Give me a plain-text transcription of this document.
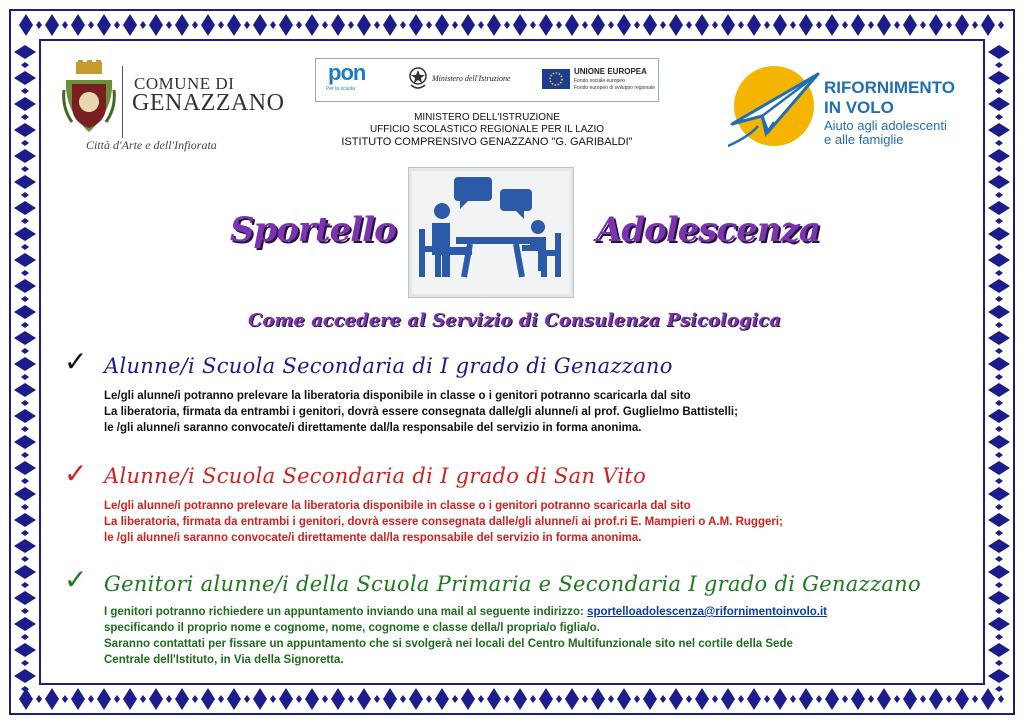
COMUNE DI
GENAZZANO
Città d'Arte e dell'Infiorata
pon
Per la scuola
Ministero dell'Istruzione
UNIONE EUROPEA
Fondo sociale europeo
Fondo europeo di sviluppo regionale
MINISTERO DELL'ISTRUZIONE
UFFICIO SCOLASTICO REGIONALE PER IL LAZIO
ISTITUTO COMPRENSIVO GENAZZANO "G. GARIBALDI"
RIFORNIMENTO
IN VOLO
Aiuto agli adolescenti
e alle famiglie
Sportello	Adolescenza
Come accedere al Servizio di Consulenza Psicologica
✓ Alunne/i Scuola Secondaria di I grado di Genazzano

Le/gli alunne/i potranno prelevare la liberatoria disponibile in classe o i genitori potranno scaricarla dal sito

La liberatoria, firmata da entrambi i genitori, dovrà essere consegnata dalle/gli alunne/i al prof. Guglielmo Battistelli;

le /gli alunne/i saranno convocate/i direttamente dal/la responsabile del servizio in forma anonima.

✓ Alunne/i Scuola Secondaria di I grado di San Vito

Le/gli alunne/i potranno prelevare la liberatoria disponibile in classe o i genitori potranno scaricarla dal sito

La liberatoria, firmata da entrambi i genitori, dovrà essere consegnata dalle/gli alunne/i ai prof.ri E. Mampieri o A.M. Ruggeri;

le /gli alunne/i saranno convocate/i direttamente dal/la responsabile del servizio in forma anonima.

✓ Genitori alunne/i della Scuola Primaria e Secondaria I grado di Genazzano

I genitori potranno richiedere un appuntamento inviando una mail al seguente indirizzo: sportelloadolescenza@rifornimentoinvolo.it

specificando il proprio nome e cognome, nome, cognome e classe della/l propria/o figlia/o.

Saranno contattati per fissare un appuntamento che si svolgerà nei locali del Centro Multifunzionale sito nel cortile della Sede

Centrale dell'Istituto, in Via della Signoretta.
